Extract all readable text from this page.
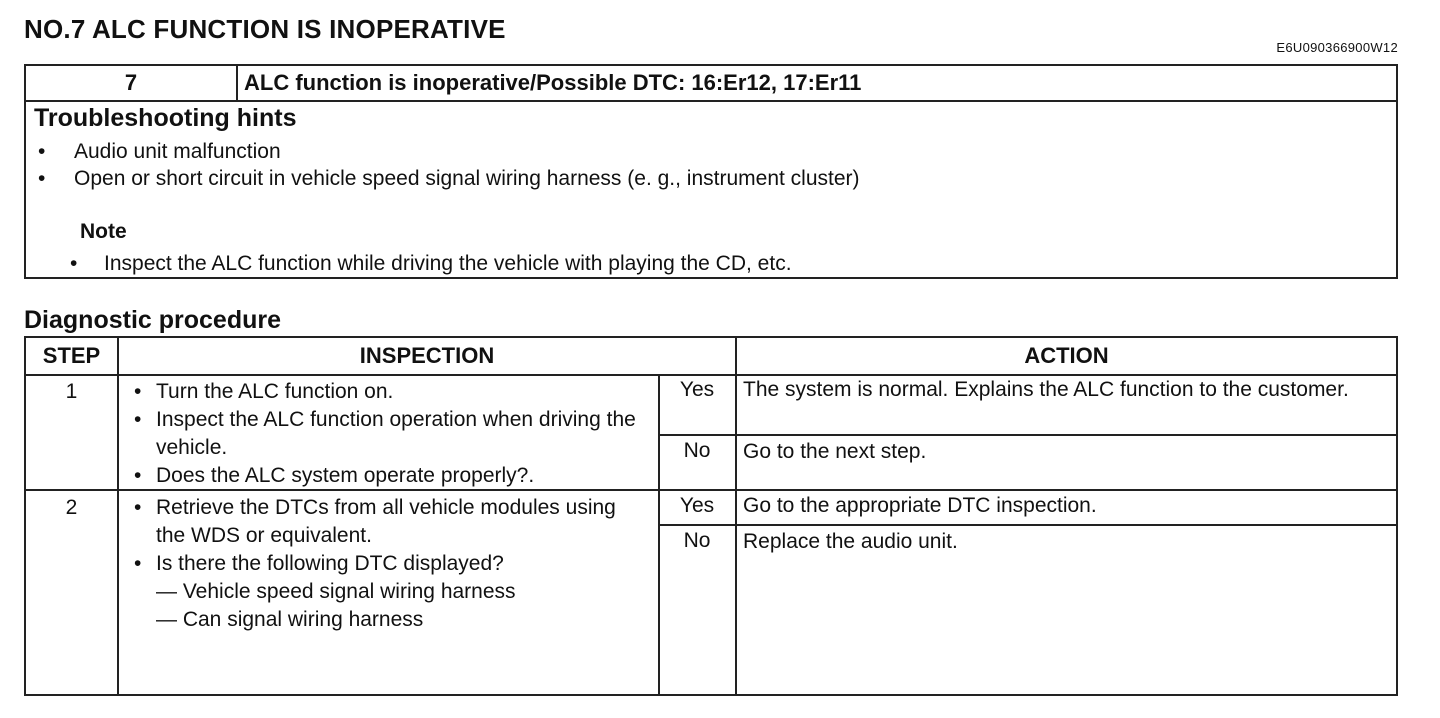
NO.7 ALC FUNCTION IS INOPERATIVE
E6U090366900W12
7	ALC function is inoperative/Possible DTC: 16:Er12, 17:Er11
Troubleshooting hints
• Audio unit malfunction
• Open or short circuit in vehicle speed signal wiring harness (e. g., instrument cluster)
Note
• Inspect the ALC function while driving the vehicle with playing the CD, etc.
Diagnostic procedure
STEP	INSPECTION	ACTION
1	• Turn the ALC function on.
• Inspect the ALC function operation when driving the vehicle.
• Does the ALC system operate properly?.
Yes	The system is normal. Explains the ALC function to the customer.
No	Go to the next step.
2	• Retrieve the DTCs from all vehicle modules using the WDS or equivalent.
• Is there the following DTC displayed?
— Vehicle speed signal wiring harness
— Can signal wiring harness
Yes	Go to the appropriate DTC inspection.
No	Replace the audio unit.
